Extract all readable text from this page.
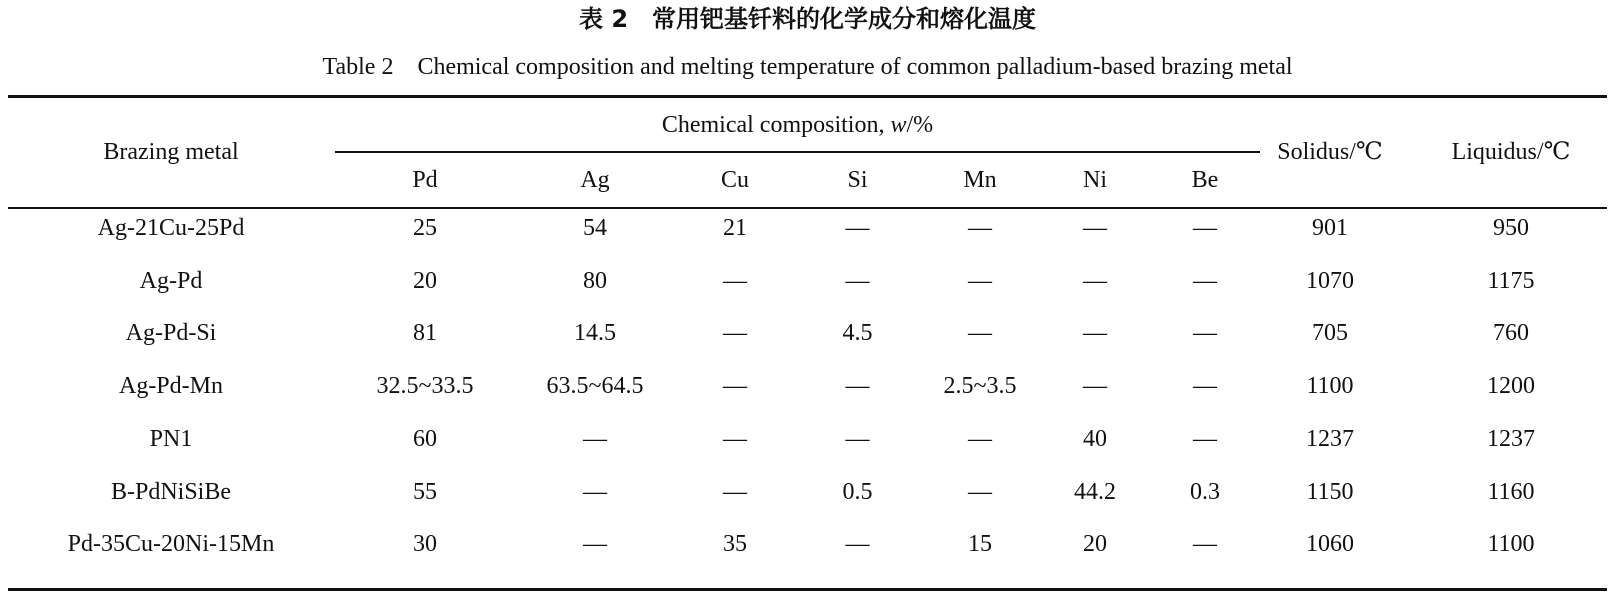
表 2　常用钯基钎料的化学成分和熔化温度
Table 2　Chemical composition and melting temperature of common palladium-based brazing metal
Brazing metal
Chemical composition, w/%
Solidus/℃	Liquidus/℃
Pd	Ag	Cu	Si	Mn	Ni	Be
Ag-21Cu-25Pd	25	54	21	—	—	—	—	901	950
Ag-Pd	20	80	—	—	—	—	—	1070	1175
Ag-Pd-Si	81	14.5	—	4.5	—	—	—	705	760
Ag-Pd-Mn	32.5~33.5	63.5~64.5	—	—	2.5~3.5	—	—	1100	1200
PN1	60	—	—	—	—	40	—	1237	1237
B-PdNiSiBe	55	—	—	0.5	—	44.2	0.3	1150	1160
Pd-35Cu-20Ni-15Mn	30	—	35	—	15	20	—	1060	1100
